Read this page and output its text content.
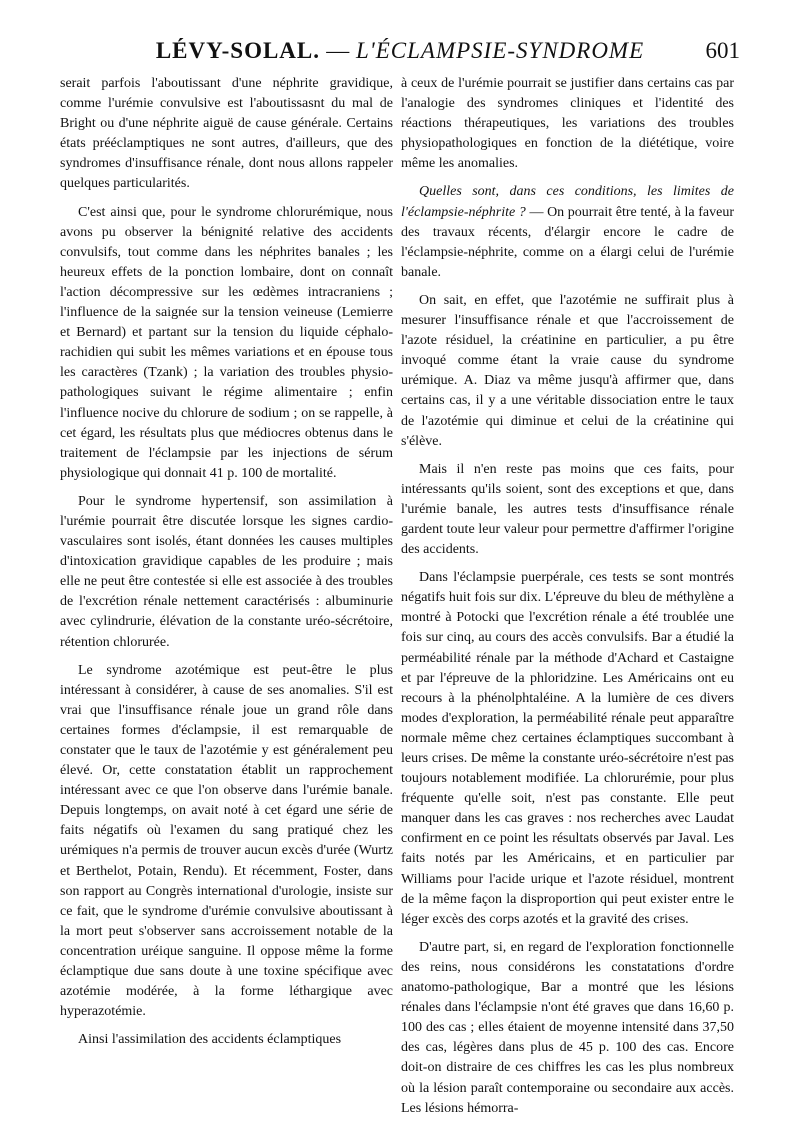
LÉVY-SOLAL. — L'ÉCLAMPSIE-SYNDROME	601

serait parfois l'aboutissant d'une néphrite gravidique, comme l'urémie convulsive est l'aboutissasnt du mal de Bright ou d'une néphrite aiguë de cause générale. Certains états prééclamptiques ne sont autres, d'ailleurs, que des syndromes d'insuffisance rénale, dont nous allons rappeler quelques particularités.

C'est ainsi que, pour le syndrome chlorurémique, nous avons pu observer la bénignité relative des accidents convulsifs, tout comme dans les néphrites banales ; les heureux effets de la ponction lombaire, dont on connaît l'action décompressive sur les œdèmes intracraniens ; l'influence de la saignée sur la tension veineuse (Lemierre et Bernard) et partant sur la tension du liquide céphalo-rachidien qui subit les mêmes variations et en épouse tous les caractères (Tzank) ; la variation des troubles physio-pathologiques suivant le régime alimentaire ; enfin l'influence nocive du chlorure de sodium ; on se rappelle, à cet égard, les résultats plus que médiocres obtenus dans le traitement de l'éclampsie par les injections de sérum physiologique qui donnait 41 p. 100 de mortalité.

Pour le syndrome hypertensif, son assimilation à l'urémie pourrait être discutée lorsque les signes cardio-vasculaires sont isolés, étant données les causes multiples d'intoxication gravidique capables de les produire ; mais elle ne peut être contestée si elle est associée à des troubles de l'excrétion rénale nettement caractérisés : albuminurie avec cylindrurie, élévation de la constante uréo-sécrétoire, rétention chlorurée.

Le syndrome azotémique est peut-être le plus intéressant à considérer, à cause de ses anomalies. S'il est vrai que l'insuffisance rénale joue un grand rôle dans certaines formes d'éclampsie, il est remarquable de constater que le taux de l'azotémie y est généralement peu élevé. Or, cette constatation établit un rapprochement intéressant avec ce que l'on observe dans l'urémie banale. Depuis longtemps, on avait noté à cet égard une série de faits négatifs où l'examen du sang pratiqué chez les urémiques n'a permis de trouver aucun excès d'urée (Wurtz et Berthelot, Potain, Rendu). Et récemment, Foster, dans son rapport au Congrès international d'urologie, insiste sur ce fait, que le syndrome d'urémie convulsive aboutissant à la mort peut s'observer sans accroissement notable de la concentration uréique sanguine. Il oppose même la forme éclamptique due sans doute à une toxine spécifique avec azotémie modérée, à la forme léthargique avec hyperazotémie.

Ainsi l'assimilation des accidents éclamptiques

à ceux de l'urémie pourrait se justifier dans certains cas par l'analogie des syndromes cliniques et l'identité des réactions thérapeutiques, les variations des troubles physiopathologiques en fonction de la diététique, voire même les anomalies.

Quelles sont, dans ces conditions, les limites de l'éclampsie-néphrite ? — On pourrait être tenté, à la faveur des travaux récents, d'élargir encore le cadre de l'éclampsie-néphrite, comme on a élargi celui de l'urémie banale.

On sait, en effet, que l'azotémie ne suffirait plus à mesurer l'insuffisance rénale et que l'accroissement de l'azote résiduel, la créatinine en particulier, a pu être invoqué comme étant la vraie cause du syndrome urémique. A. Diaz va même jusqu'à affirmer que, dans certains cas, il y a une véritable dissociation entre le taux de l'azotémie qui diminue et celui de la créatinine qui s'élève.

Mais il n'en reste pas moins que ces faits, pour intéressants qu'ils soient, sont des exceptions et que, dans l'urémie banale, les autres tests d'insuffisance rénale gardent toute leur valeur pour permettre d'affirmer l'origine des accidents.

Dans l'éclampsie puerpérale, ces tests se sont montrés négatifs huit fois sur dix. L'épreuve du bleu de méthylène a montré à Potocki que l'excrétion rénale a été troublée une fois sur cinq, au cours des accès convulsifs. Bar a étudié la perméabilité rénale par la méthode d'Achard et Castaigne et par l'épreuve de la phloridzine. Les Américains ont eu recours à la phénolphtaléine. A la lumière de ces divers modes d'exploration, la perméabilité rénale peut apparaître normale même chez certaines éclamptiques succombant à leurs crises. De même la constante uréo-sécrétoire n'est pas toujours notablement modifiée. La chlorurémie, pour plus fréquente qu'elle soit, n'est pas constante. Elle peut manquer dans les cas graves : nos recherches avec Laudat confirment en ce point les résultats observés par Javal. Les faits notés par les Américains, et en particulier par Williams pour l'acide urique et l'azote résiduel, montrent de la même façon la disproportion qui peut exister entre le léger excès des corps azotés et la gravité des crises.

D'autre part, si, en regard de l'exploration fonctionnelle des reins, nous considérons les constatations d'ordre anatomo-pathologique, Bar a montré que les lésions rénales dans l'éclampsie n'ont été graves que dans 16,60 p. 100 des cas ; elles étaient de moyenne intensité dans 37,50 des cas, légères dans plus de 45 p. 100 des cas. Encore doit-on distraire de ces chiffres les cas les plus nombreux où la lésion paraît contemporaine ou secondaire aux accès. Les lésions hémorra-
